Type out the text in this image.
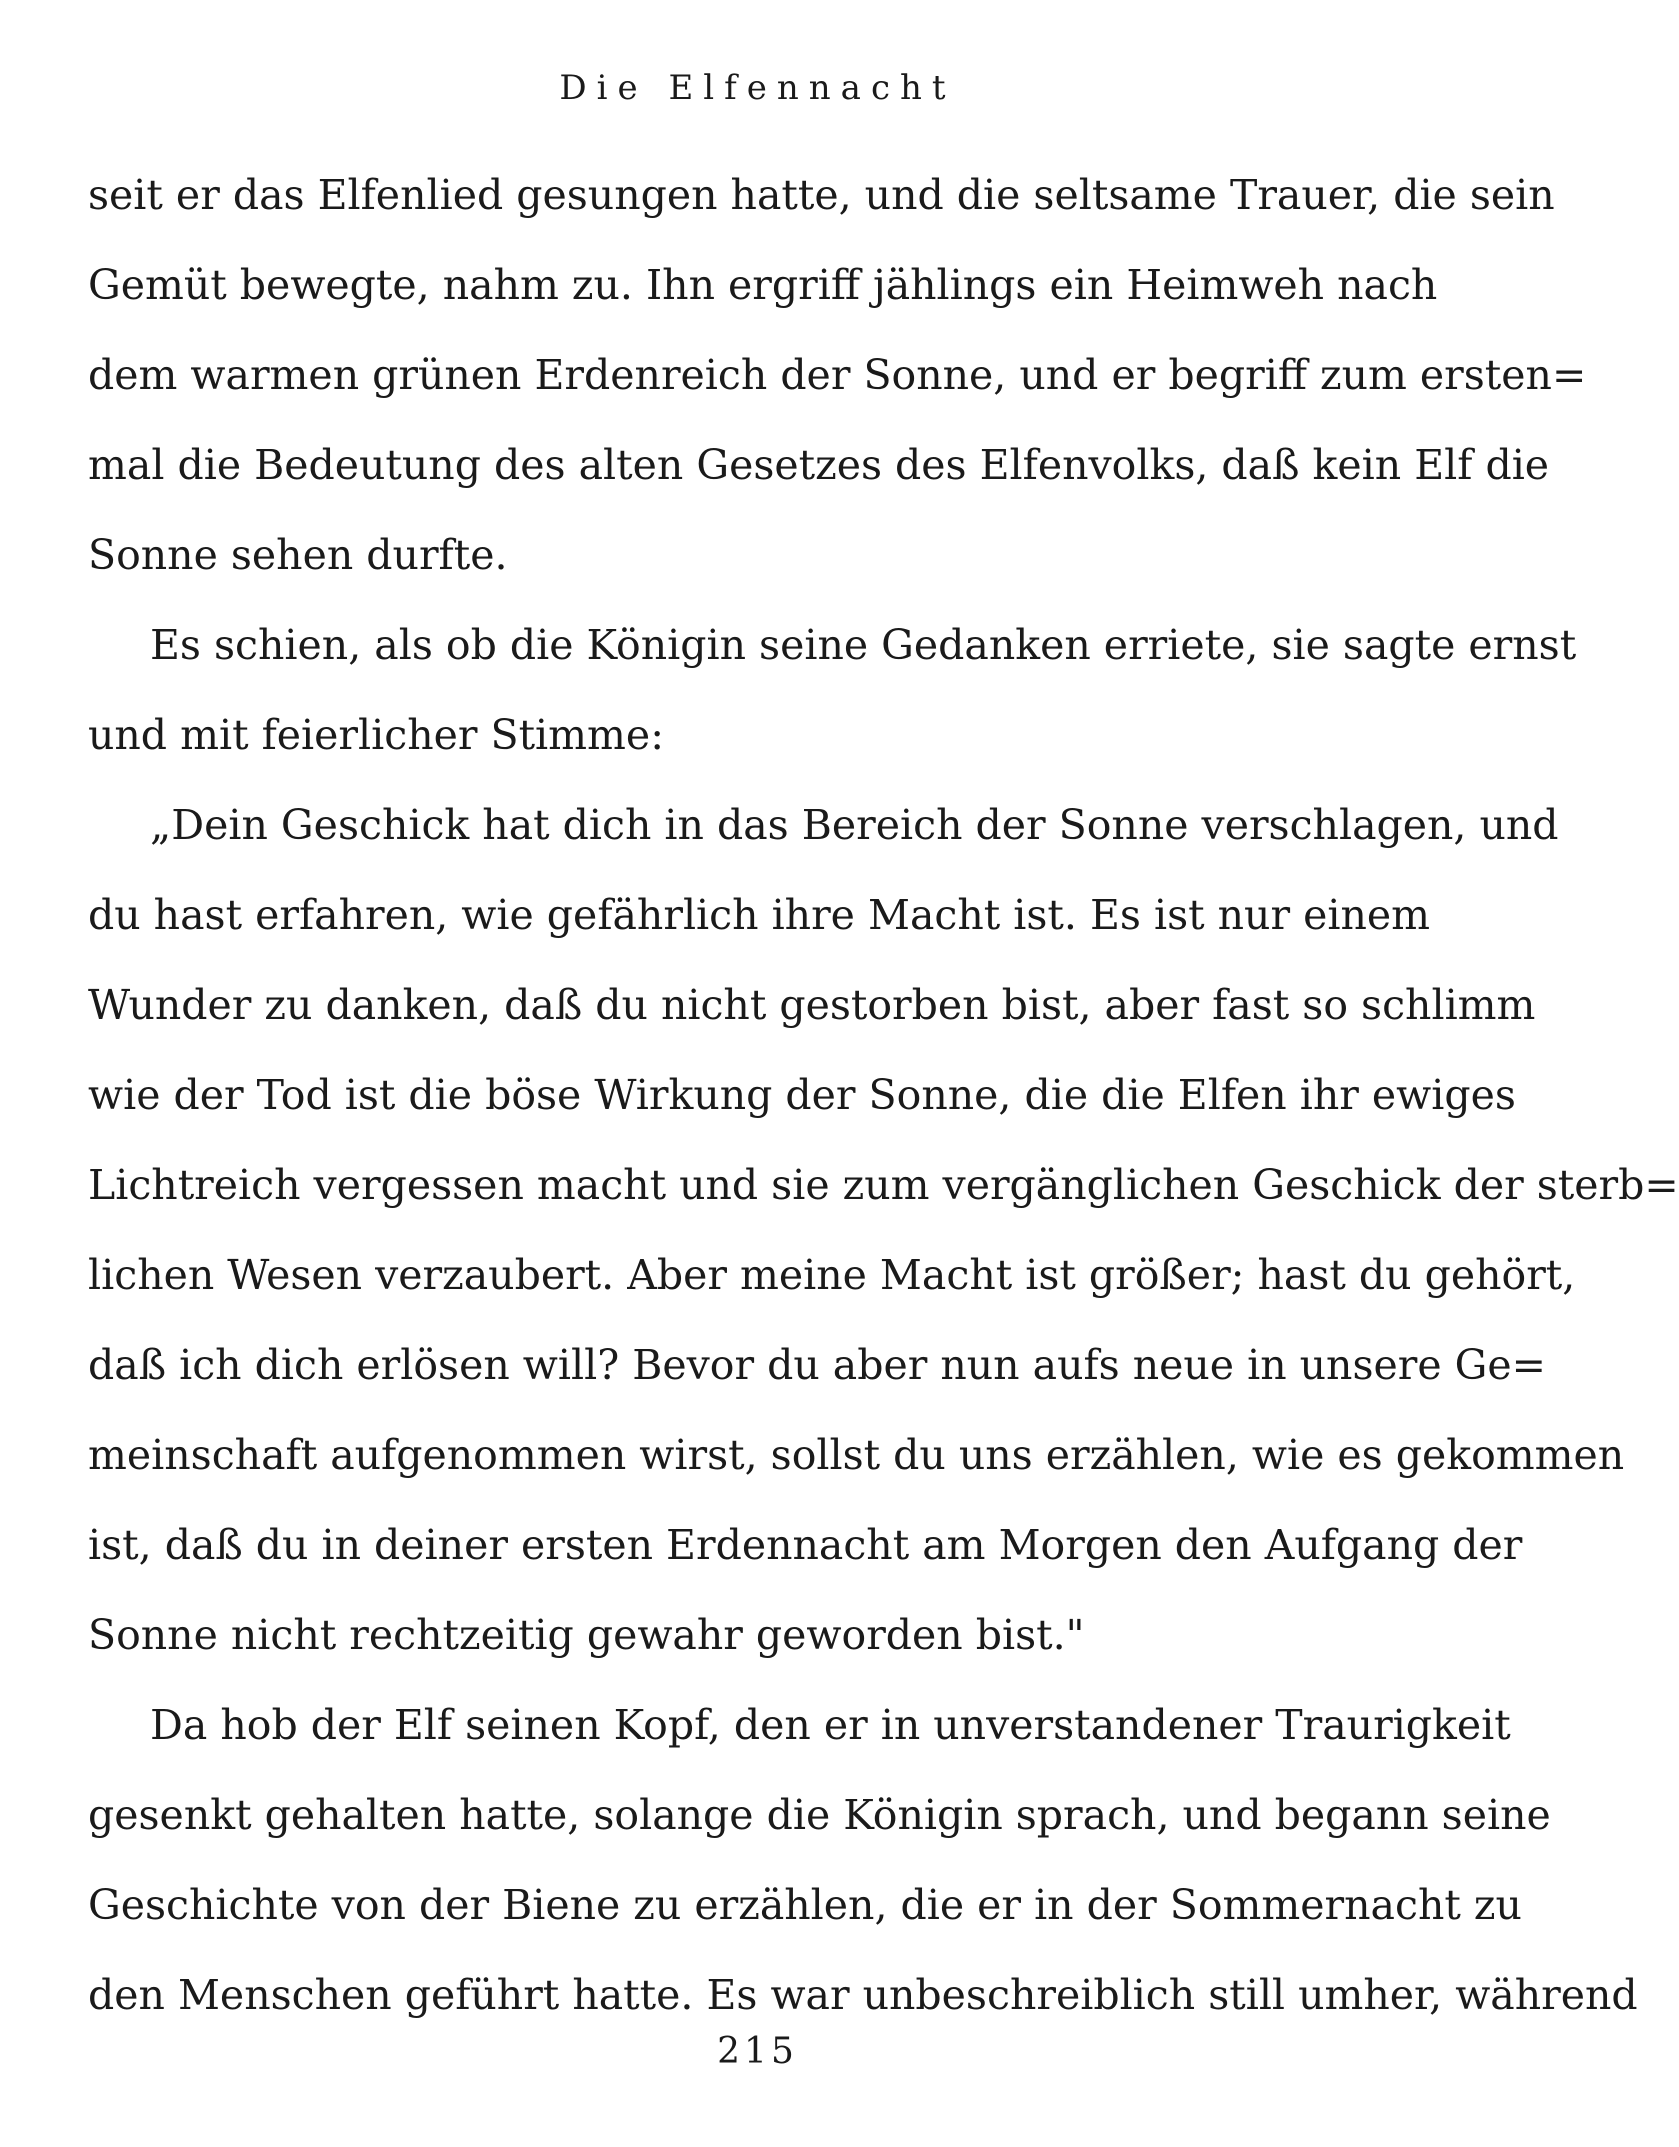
Die Elfennacht
seit er das Elfenlied gesungen hatte, und die seltsame Trauer, die sein
Gemüt bewegte, nahm zu. Ihn ergriff jählings ein Heimweh nach
dem warmen grünen Erdenreich der Sonne, und er begriff zum ersten=
mal die Bedeutung des alten Gesetzes des Elfenvolks, daß kein Elf die
Sonne sehen durfte.
Es schien, als ob die Königin seine Gedanken erriete, sie sagte ernst
und mit feierlicher Stimme:
„Dein Geschick hat dich in das Bereich der Sonne verschlagen, und
du hast erfahren, wie gefährlich ihre Macht ist. Es ist nur einem
Wunder zu danken, daß du nicht gestorben bist, aber fast so schlimm
wie der Tod ist die böse Wirkung der Sonne, die die Elfen ihr ewiges
Lichtreich vergessen macht und sie zum vergänglichen Geschick der sterb=
lichen Wesen verzaubert. Aber meine Macht ist größer; hast du gehört,
daß ich dich erlösen will? Bevor du aber nun aufs neue in unsere Ge=
meinschaft aufgenommen wirst, sollst du uns erzählen, wie es gekommen
ist, daß du in deiner ersten Erdennacht am Morgen den Aufgang der
Sonne nicht rechtzeitig gewahr geworden bist."
Da hob der Elf seinen Kopf, den er in unverstandener Traurigkeit
gesenkt gehalten hatte, solange die Königin sprach, und begann seine
Geschichte von der Biene zu erzählen, die er in der Sommernacht zu
den Menschen geführt hatte. Es war unbeschreiblich still umher, während
215
